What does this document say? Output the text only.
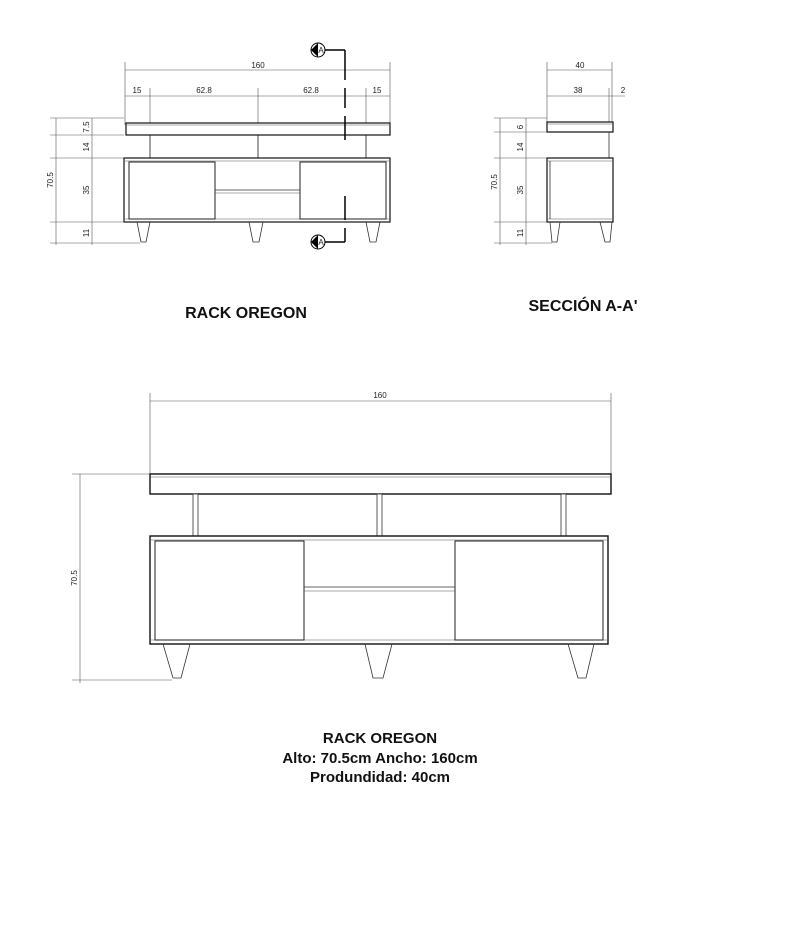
160
15	62.8	62.8	15
7.5
14
35
11
70.5
A
A
RACK OREGON
40
38	2
6
14
35
11
70.5
SECCIÓN A-A'
160
70.5
RACK OREGON
Alto: 70.5cm Ancho: 160cm
Produndidad: 40cm
